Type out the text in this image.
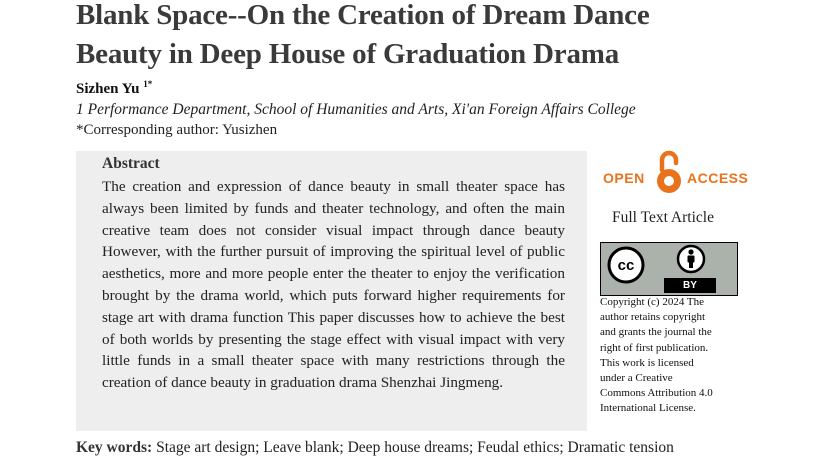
Blank Space--On the Creation of Dream Dance
Beauty in Deep House of Graduation Drama
Sizhen Yu $^{1*}$
1 Performance Department, School of Humanities and Arts, Xi'an Foreign Affairs College
*Corresponding author: Yusizhen
Abstract
The creation and expression of dance beauty in small theater space has always been limited by funds and theater technology, and often the main creative team does not consider visual impact through dance beauty However, with the further pursuit of improving the spiritual level of public aesthetics, more and more people enter the theater to enjoy the verification brought by the drama world, which puts forward higher requirements for stage art with drama function This paper discusses how to achieve the best of both worlds by presenting the stage effect with visual impact with very little funds in a small theater space with many restrictions through the creation of dance beauty in graduation drama Shenzhai Jingmeng.
OPEN	ACCESS
Full Text Article
cc
BY
Copyright (c) 2024 The
author retains copyright
and grants the journal the
right of first publication.
This work is licensed
under a Creative
Commons Attribution 4.0
International License.
Key words: Stage art design; Leave blank; Deep house dreams; Feudal ethics; Dramatic tension
